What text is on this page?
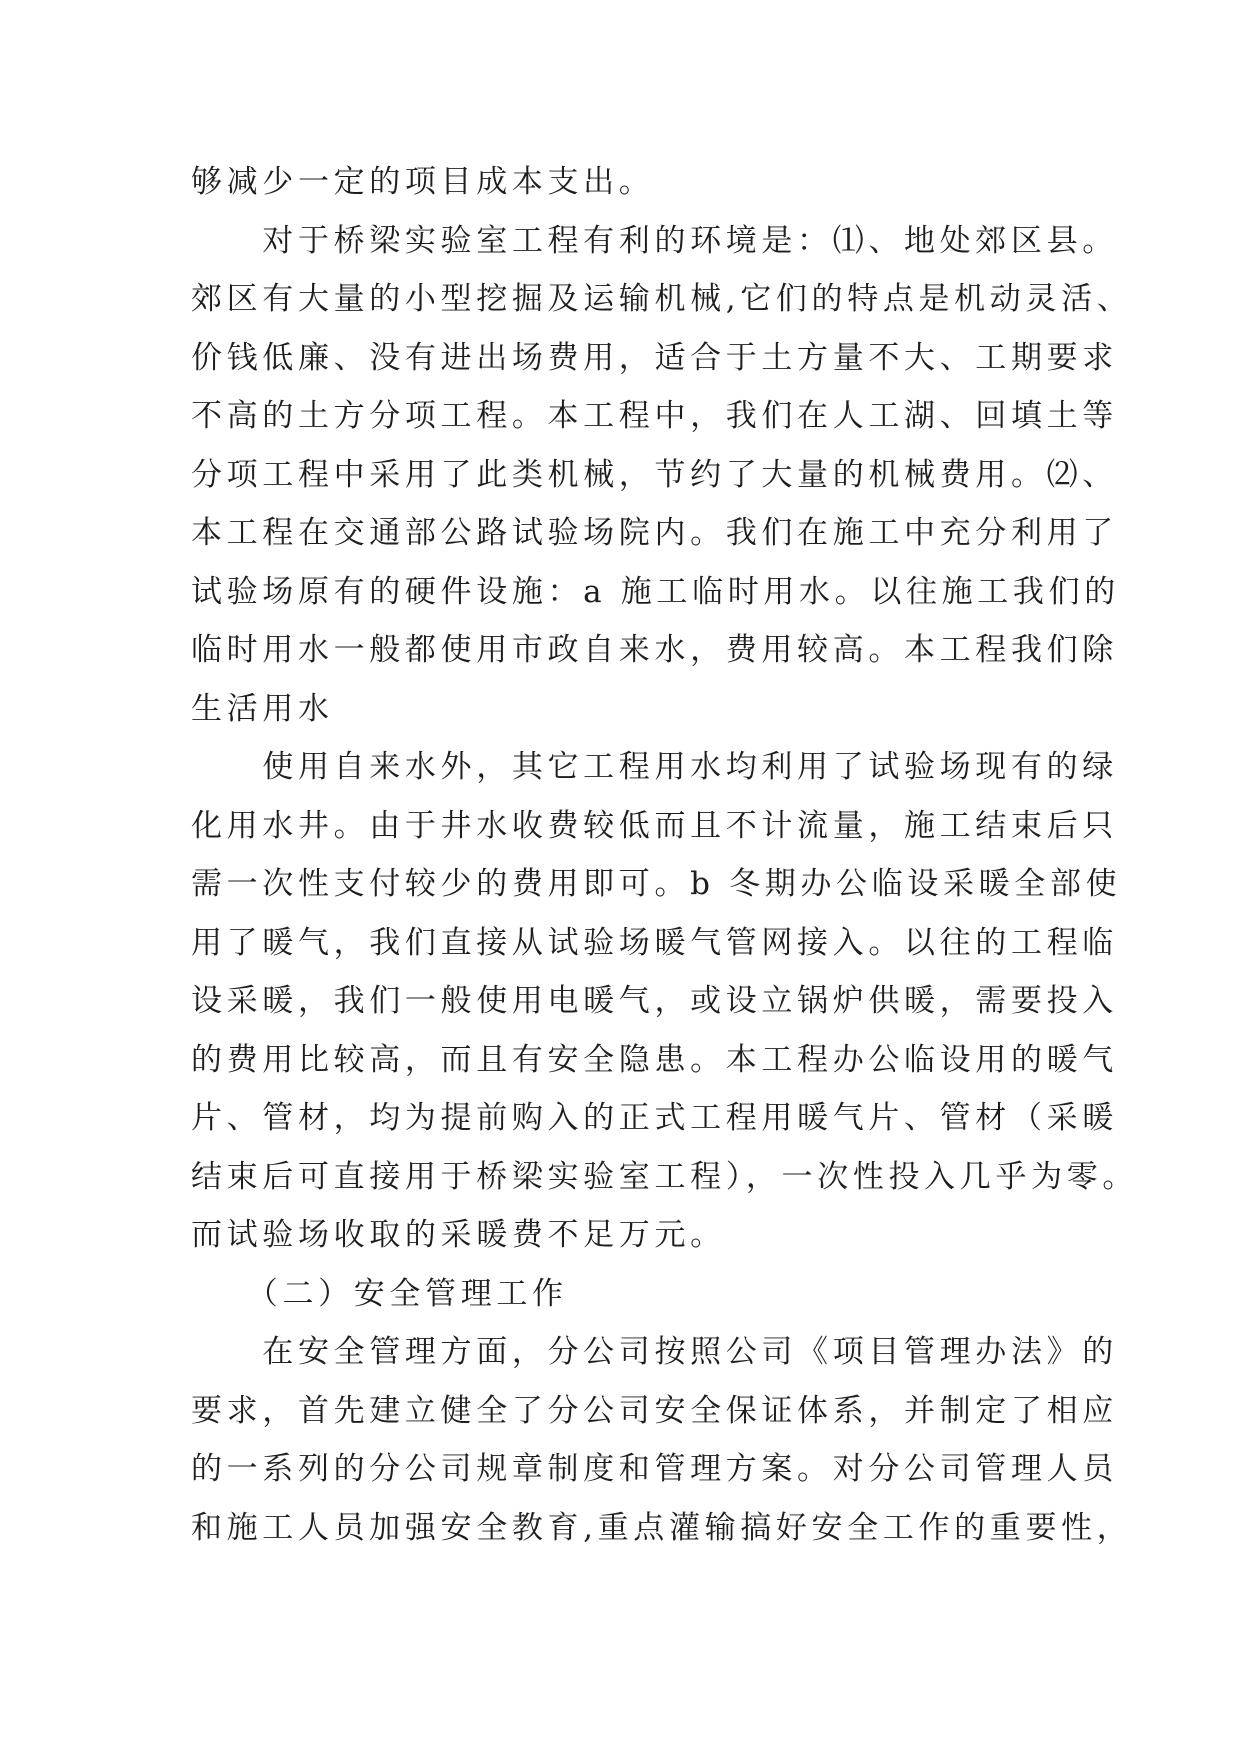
够减少一定的项目成本支出。
　　对于桥梁实验室工程有利的环境是：⑴、地处郊区县。
郊区有大量的小型挖掘及运输机械,它们的特点是机动灵活、
价钱低廉、没有进出场费用，适合于土方量不大、工期要求
不高的土方分项工程。本工程中，我们在人工湖、回填土等
分项工程中采用了此类机械，节约了大量的机械费用。⑵、
本工程在交通部公路试验场院内。我们在施工中充分利用了
试验场原有的硬件设施：a 施工临时用水。以往施工我们的
临时用水一般都使用市政自来水，费用较高。本工程我们除
生活用水
　　使用自来水外，其它工程用水均利用了试验场现有的绿
化用水井。由于井水收费较低而且不计流量，施工结束后只
需一次性支付较少的费用即可。b 冬期办公临设采暖全部使
用了暖气，我们直接从试验场暖气管网接入。以往的工程临
设采暖，我们一般使用电暖气，或设立锅炉供暖，需要投入
的费用比较高，而且有安全隐患。本工程办公临设用的暖气
片、管材，均为提前购入的正式工程用暖气片、管材（采暖
结束后可直接用于桥梁实验室工程），一次性投入几乎为零。
而试验场收取的采暖费不足万元。
　　（二）安全管理工作
　　在安全管理方面，分公司按照公司《项目管理办法》的
要求，首先建立健全了分公司安全保证体系，并制定了相应
的一系列的分公司规章制度和管理方案。对分公司管理人员
和施工人员加强安全教育,重点灌输搞好安全工作的重要性，
